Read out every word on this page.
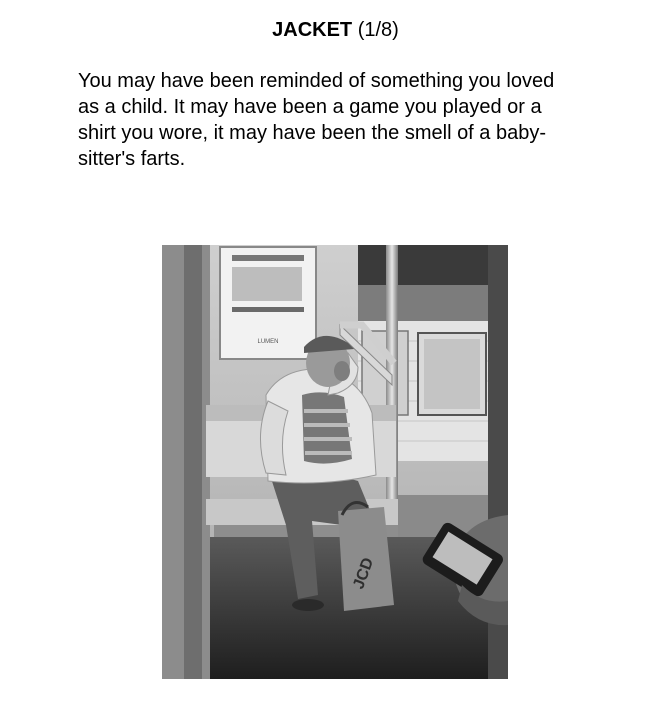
JACKET (1/8)
You may have been reminded of something you loved as a child. It may have been a game you played or a shirt you wore, it may have been the smell of a baby-sitter's farts.
LUMEN
JCD
